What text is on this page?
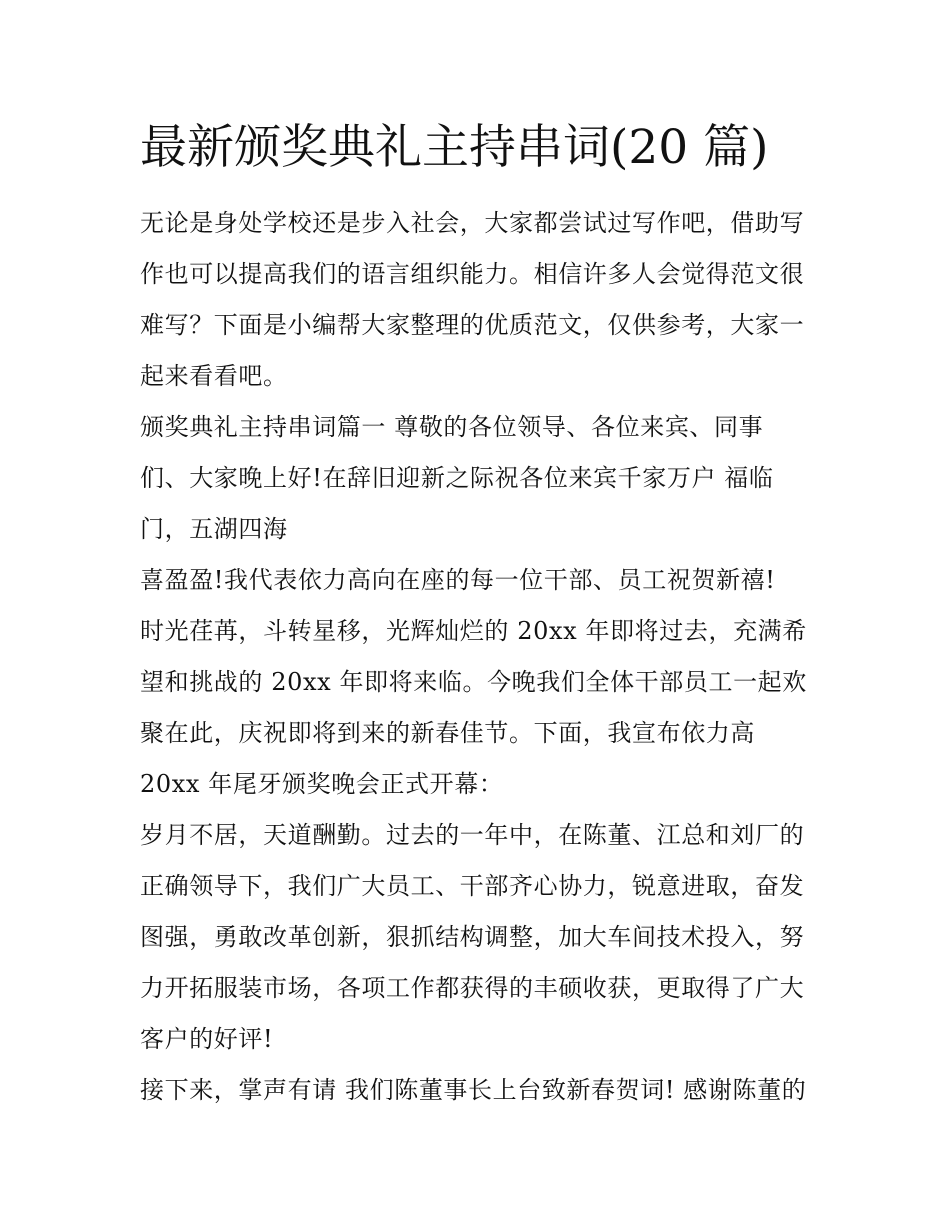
最新颁奖典礼主持串词(20 篇)
无论是身处学校还是步入社会，大家都尝试过写作吧，借助写
作也可以提高我们的语言组织能力。相信许多人会觉得范文很
难写？下面是小编帮大家整理的优质范文，仅供参考，大家一
起来看看吧。
颁奖典礼主持串词篇一 尊敬的各位领导、各位来宾、同事
们、大家晚上好!在辞旧迎新之际祝各位来宾千家万户 福临
门，五湖四海
喜盈盈!我代表依力高向在座的每一位干部、员工祝贺新禧!
时光荏苒，斗转星移，光辉灿烂的 20xx 年即将过去，充满希
望和挑战的 20xx 年即将来临。今晚我们全体干部员工一起欢
聚在此，庆祝即将到来的新春佳节。下面，我宣布依力高
20xx 年尾牙颁奖晚会正式开幕：
岁月不居，天道酬勤。过去的一年中，在陈董、江总和刘厂的
正确领导下，我们广大员工、干部齐心协力，锐意进取，奋发
图强，勇敢改革创新，狠抓结构调整，加大车间技术投入，努
力开拓服装市场，各项工作都获得的丰硕收获，更取得了广大
客户的好评!
接下来，掌声有请 我们陈董事长上台致新春贺词! 感谢陈董的
